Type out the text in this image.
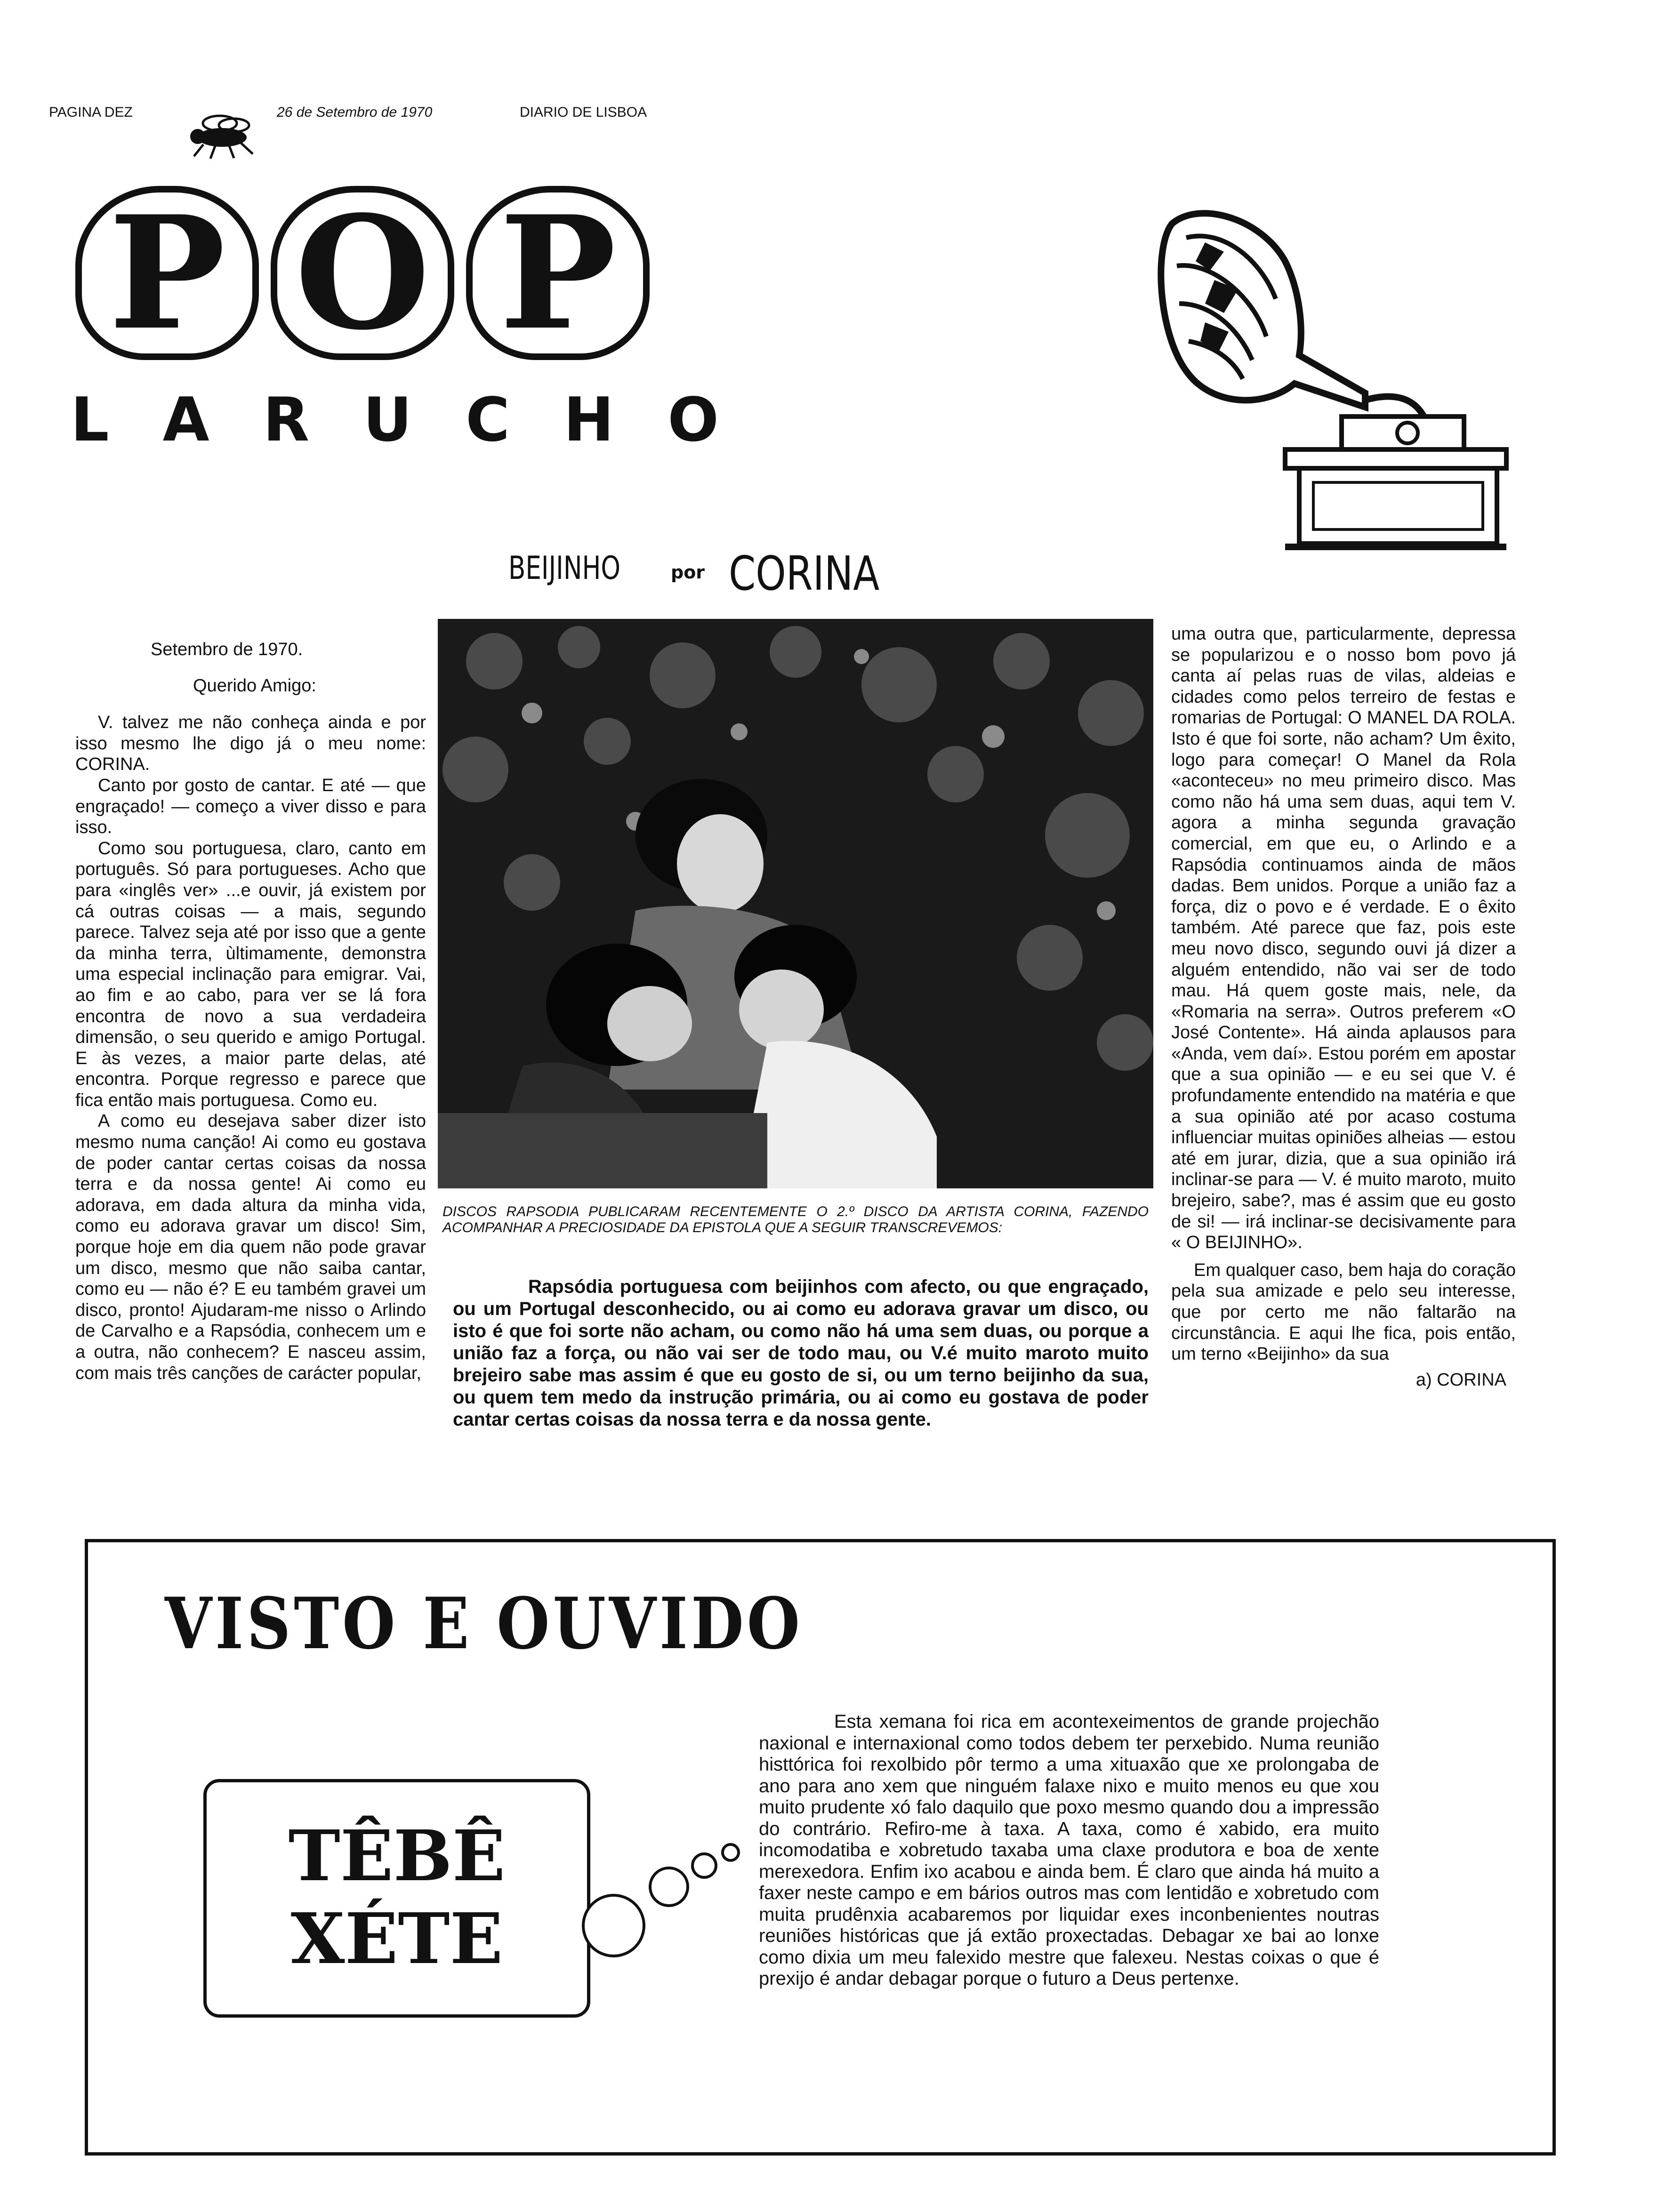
PAGINA DEZ	26 de Setembro de 1970	DIARIO DE LISBOA
P O P
LARUCHO
BEIJINHO	por CORINA

Setembro de 1970.

Querido Amigo:

V. talvez me não conheça ainda e por isso mesmo lhe digo já o meu nome: CORINA.

Canto por gosto de cantar. E até — que engraçado! — começo a viver disso e para isso.

Como sou portuguesa, claro, canto em português. Só para portugueses. Acho que para «inglês ver» ...e ouvir, já existem por cá outras coisas — a mais, segundo parece. Talvez seja até por isso que a gente da minha terra, ùltimamente, demonstra uma especial inclinação para emigrar. Vai, ao fim e ao cabo, para ver se lá fora encontra de novo a sua verdadeira dimensão, o seu querido e amigo Portugal. E às vezes, a maior parte delas, até encontra. Porque regresso e parece que fica então mais portuguesa. Como eu.

A como eu desejava saber dizer isto mesmo numa canção! Ai como eu gostava de poder cantar certas coisas da nossa terra e da nossa gente! Ai como eu adorava, em dada altura da minha vida, como eu adorava gravar um disco! Sim, porque hoje em dia quem não pode gravar um disco, mesmo que não saiba cantar, como eu — não é? E eu também gravei um disco, pronto! Ajudaram-me nisso o Arlindo de Carvalho e a Rapsódia, conhecem um e a outra, não conhecem? E nasceu assim, com mais três canções de carácter popular,

DISCOS RAPSODIA PUBLICARAM RECENTEMENTE O 2.º DISCO DA ARTISTA CORINA, FAZENDO ACOMPANHAR A PRECIOSIDADE DA EPISTOLA QUE A SEGUIR TRANSCREVEMOS:
Rapsódia portuguesa com beijinhos com afecto, ou que engraçado, ou um Portugal desconhecido, ou ai como eu adorava gravar um disco, ou isto é que foi sorte não acham, ou como não há uma sem duas, ou porque a união faz a força, ou não vai ser de todo mau, ou V.é muito maroto muito brejeiro sabe mas assim é que eu gosto de si, ou um terno beijinho da sua, ou quem tem medo da instrução primária, ou ai como eu gostava de poder cantar certas coisas da nossa terra e da nossa gente.

uma outra que, particularmente, depressa se popularizou e o nosso bom povo já canta aí pelas ruas de vilas, aldeias e cidades como pelos terreiro de festas e romarias de Portugal: O MANEL DA ROLA. Isto é que foi sorte, não acham? Um êxito, logo para começar! O Manel da Rola «aconteceu» no meu primeiro disco. Mas como não há uma sem duas, aqui tem V. agora a minha segunda gravação comercial, em que eu, o Arlindo e a Rapsódia continuamos ainda de mãos dadas. Bem unidos. Porque a união faz a força, diz o povo e é verdade. E o êxito também. Até parece que faz, pois este meu novo disco, segundo ouvi já dizer a alguém entendido, não vai ser de todo mau. Há quem goste mais, nele, da «Romaria na serra». Outros preferem «O José Contente». Há ainda aplausos para «Anda, vem daí». Estou porém em apostar que a sua opinião — e eu sei que V. é profundamente entendido na matéria e que a sua opinião até por acaso costuma influenciar muitas opiniões alheias — estou até em jurar, dizia, que a sua opinião irá inclinar-se para — V. é muito maroto, muito brejeiro, sabe?, mas é assim que eu gosto de si! — irá inclinar-se decisivamente para « O BEIJINHO».

Em qualquer caso, bem haja do coração pela sua amizade e pelo seu interesse, que por certo me não faltarão na circunstância. E aqui lhe fica, pois então, um terno «Beijinho» da sua

a) CORINA

VISTO E OUVIDO
TÊBÊ
XÉTE
Esta xemana foi rica em acontexeimentos de grande projechão naxional e internaxional como todos debem ter perxebido. Numa reunião histtórica foi rexolbido pôr termo a uma xituaxão que xe prolongaba de ano para ano xem que ninguém falaxe nixo e muito menos eu que xou muito prudente xó falo daquilo que poxo mesmo quando dou a impressão do contrário. Refiro-me à taxa. A taxa, como é xabido, era muito incomodatiba e xobretudo taxaba uma claxe produtora e boa de xente merexedora. Enfim ixo acabou e ainda bem. É claro que ainda há muito a faxer neste campo e em bários outros mas com lentidão e xobretudo com muita prudênxia acabaremos por liquidar exes inconbenientes noutras reuniões históricas que já extão proxectadas. Debagar xe bai ao lonxe como dixia um meu falexido mestre que falexeu. Nestas coixas o que é prexijo é andar debagar porque o futuro a Deus pertenxe.
